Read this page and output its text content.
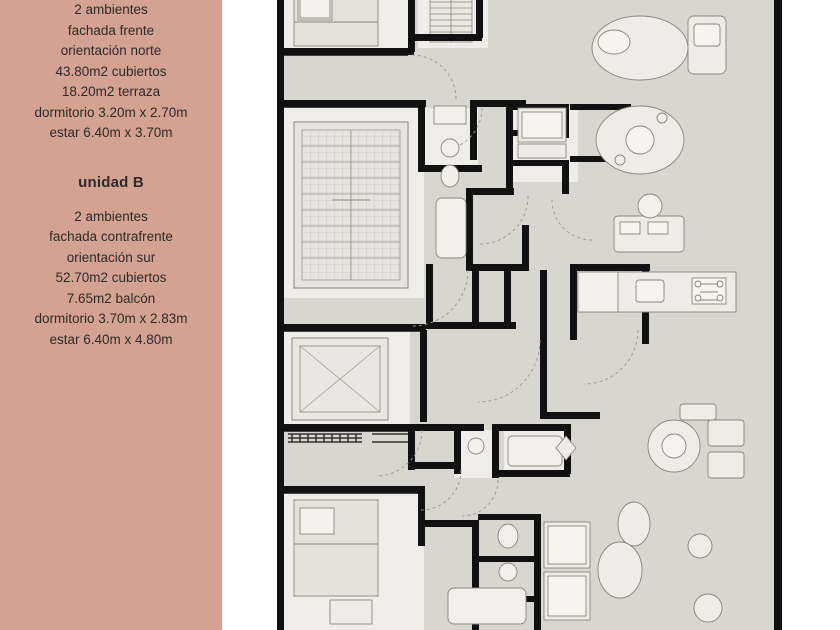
2 ambientes

fachada frente

orientación norte

43.80m2 cubiertos

18.20m2 terraza

dormitorio 3.20m x 2.70m

estar 6.40m x 3.70m

unidad B

2 ambientes

fachada contrafrente

orientación sur

52.70m2 cubiertos

7.65m2 balcón

dormitorio 3.70m x 2.83m

estar 6.40m x 4.80m
